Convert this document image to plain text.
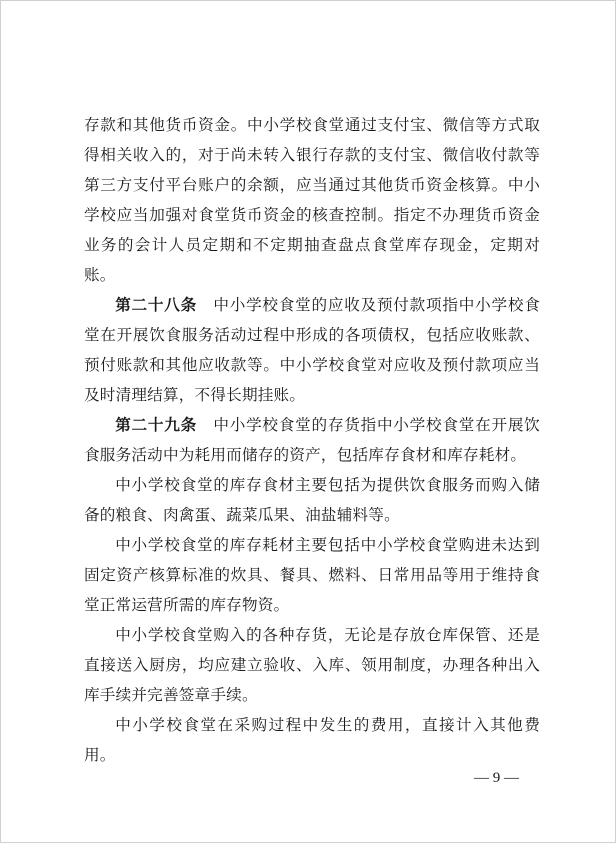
存款和其他货币资金。中小学校食堂通过支付宝、微信等方式取得相关收入的，对于尚未转入银行存款的支付宝、微信收付款等第三方支付平台账户的余额，应当通过其他货币资金核算。中小学校应当加强对食堂货币资金的核查控制。指定不办理货币资金业务的会计人员定期和不定期抽查盘点食堂库存现金，定期对账。

第二十八条  中小学校食堂的应收及预付款项指中小学校食堂在开展饮食服务活动过程中形成的各项债权，包括应收账款、预付账款和其他应收款等。中小学校食堂对应收及预付款项应当及时清理结算，不得长期挂账。

第二十九条  中小学校食堂的存货指中小学校食堂在开展饮食服务活动中为耗用而储存的资产，包括库存食材和库存耗材。

中小学校食堂的库存食材主要包括为提供饮食服务而购入储备的粮食、肉禽蛋、蔬菜瓜果、油盐辅料等。

中小学校食堂的库存耗材主要包括中小学校食堂购进未达到固定资产核算标准的炊具、餐具、燃料、日常用品等用于维持食堂正常运营所需的库存物资。

中小学校食堂购入的各种存货，无论是存放仓库保管、还是直接送入厨房，均应建立验收、入库、领用制度，办理各种出入库手续并完善签章手续。

中小学校食堂在采购过程中发生的费用，直接计入其他费用。

— 9 —
